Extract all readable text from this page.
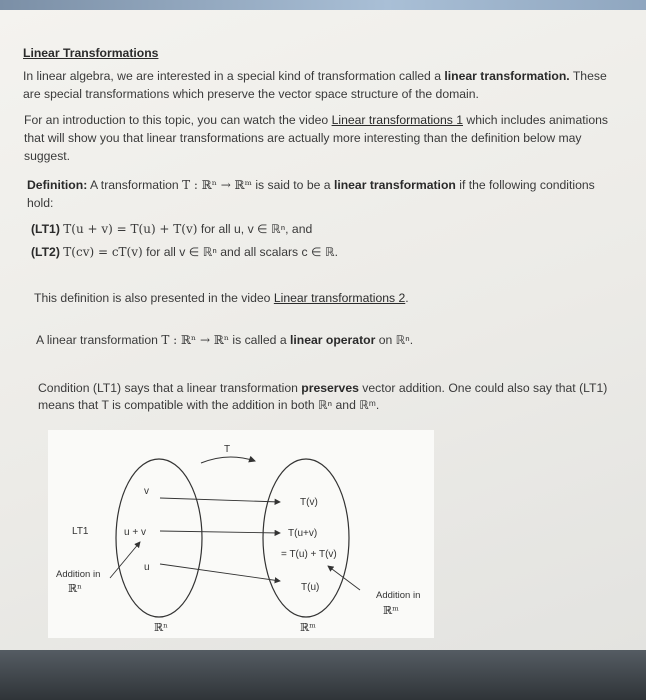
Linear Transformations
In linear algebra, we are interested in a special kind of transformation called a linear transformation. These
are special transformations which preserve the vector space structure of the domain.
For an introduction to this topic, you can watch the video Linear transformations 1 which includes animations
that will show you that linear transformations are actually more interesting than the definition below may
suggest.
Definition: A transformation T : ℝⁿ → ℝᵐ is said to be a linear transformation if the following conditions
hold:
(LT1) T(u + v) = T(u) + T(v) for all u, v ∈ ℝⁿ, and
(LT2) T(cv) = cT(v) for all v ∈ ℝⁿ and all scalars c ∈ ℝ.
This definition is also presented in the video Linear transformations 2.
A linear transformation T : ℝⁿ → ℝⁿ is called a linear operator on ℝⁿ.
Condition (LT1) says that a linear transformation preserves vector addition. One could also say that (LT1)
means that T is compatible with the addition in both ℝⁿ and ℝᵐ.
T
v
u + v
u
LT1
Addition in
ℝⁿ
T(v)
T(u+v)
= T(u) + T(v)
T(u)
Addition in
ℝᵐ
ℝⁿ	ℝᵐ
